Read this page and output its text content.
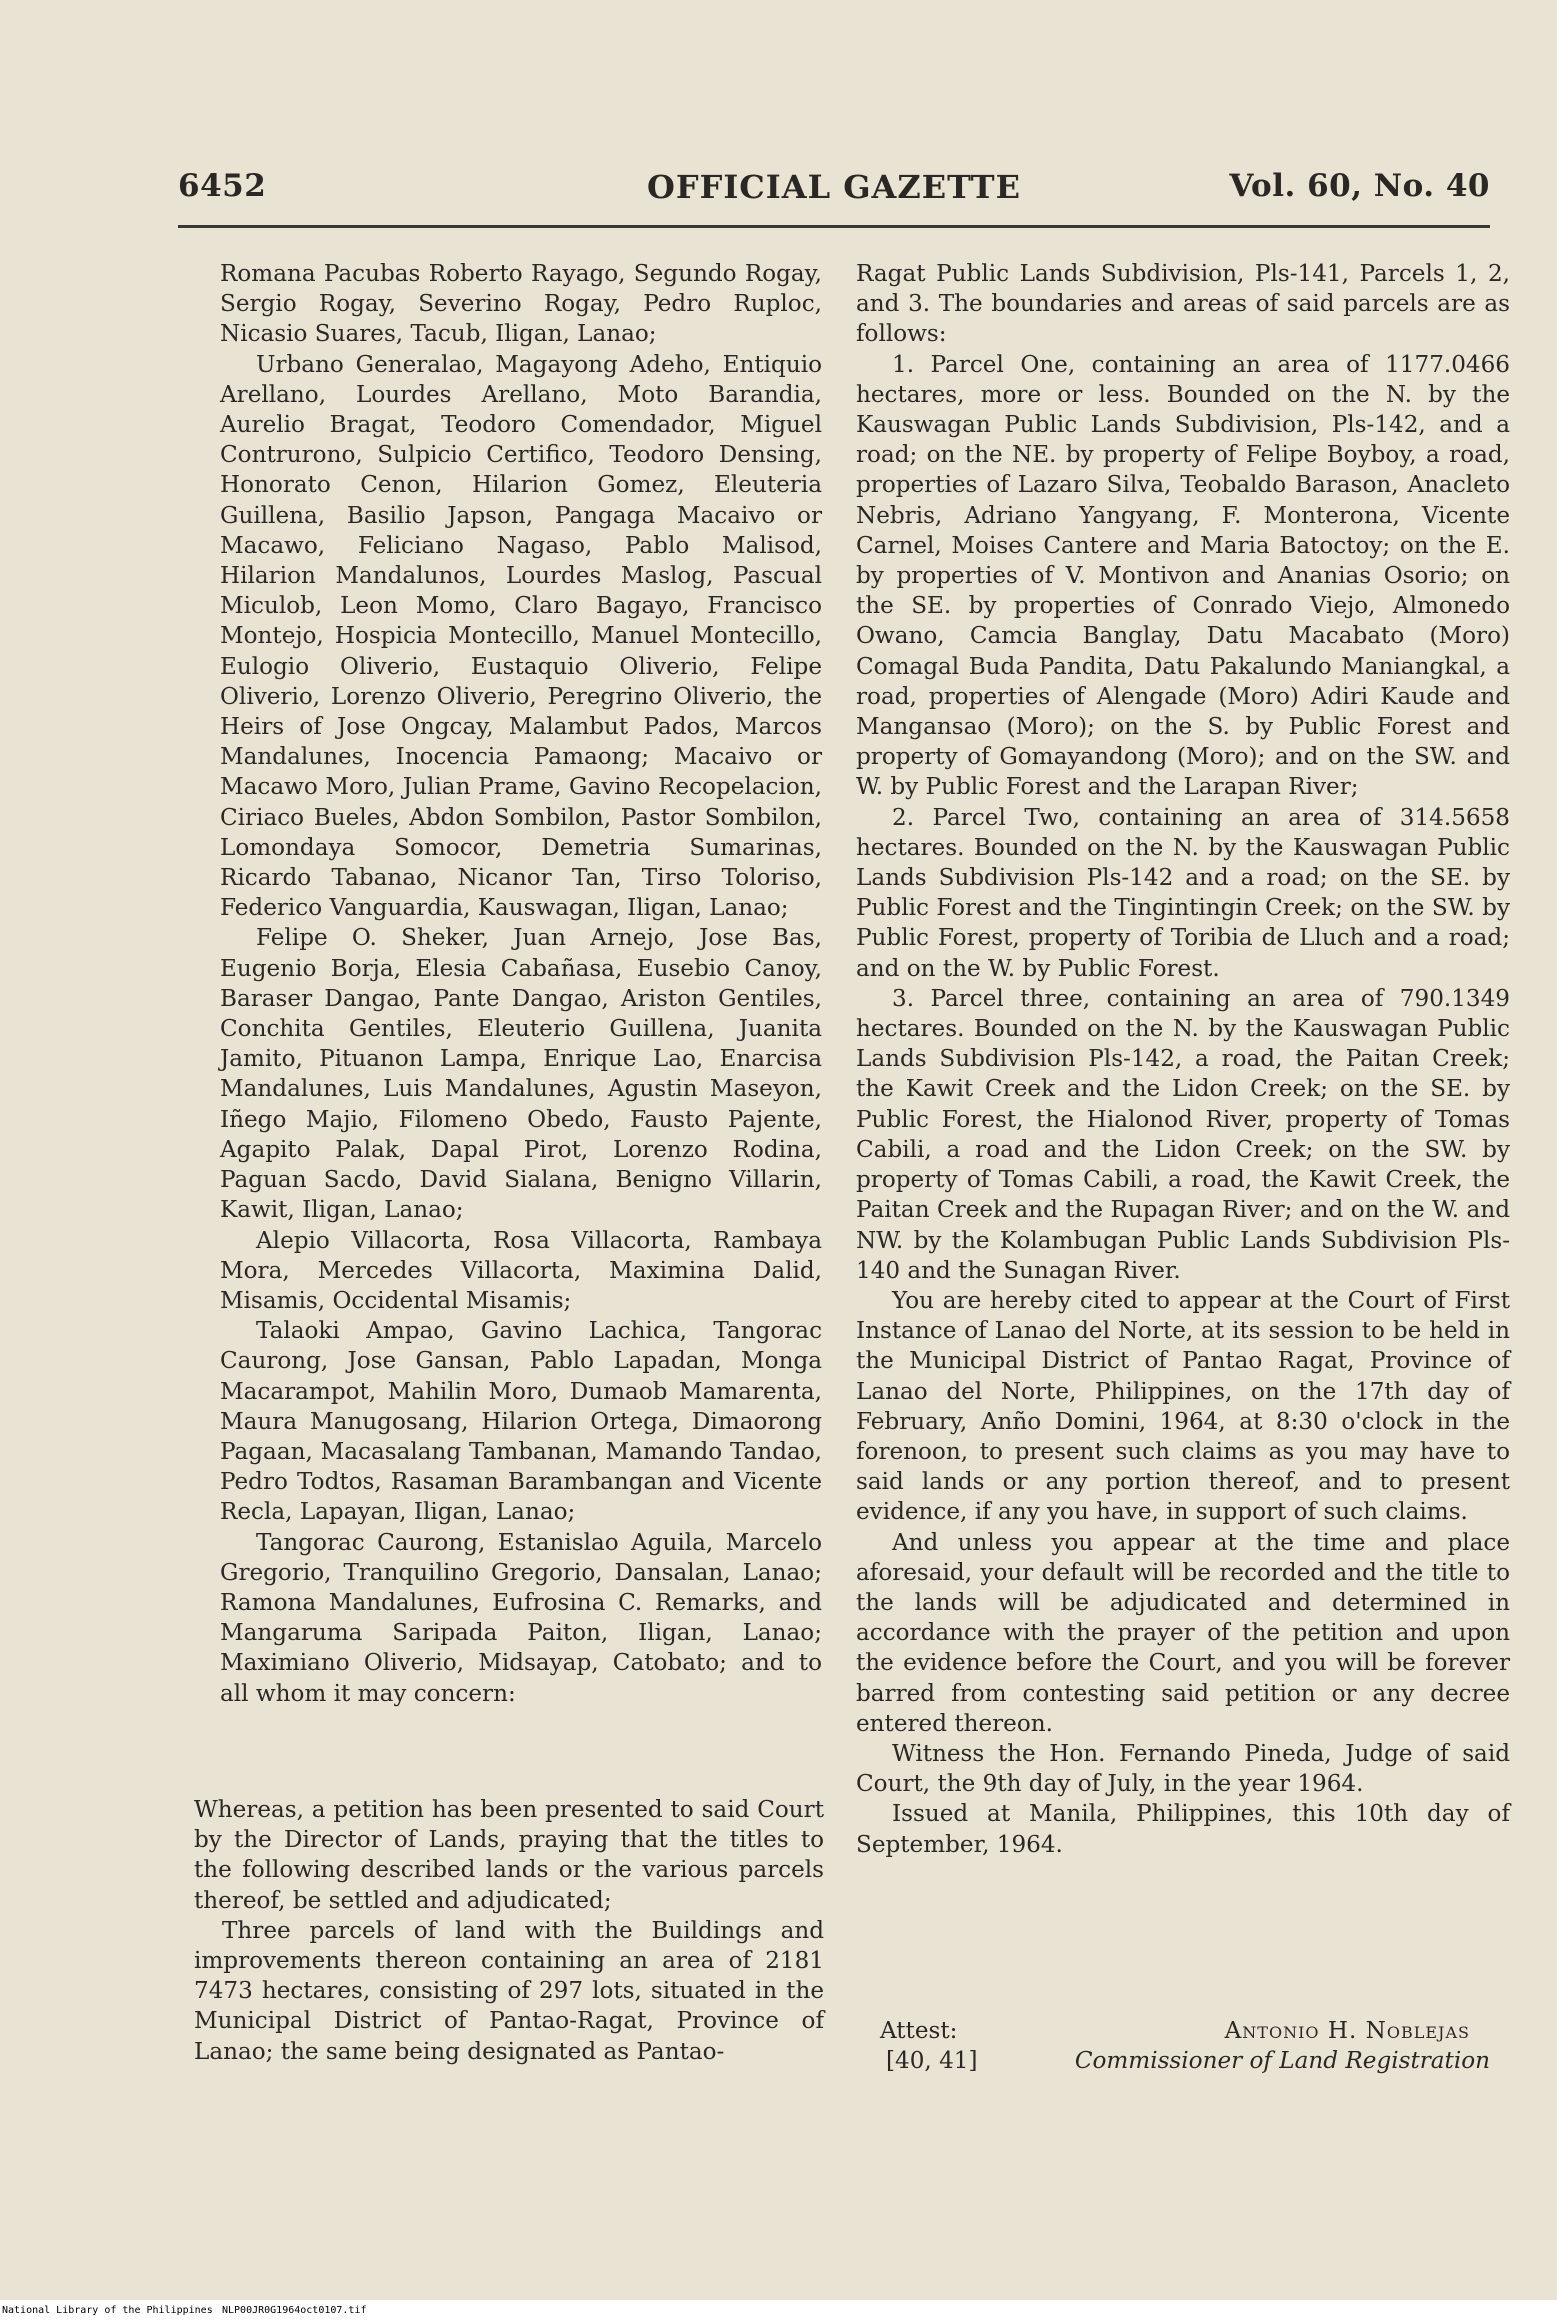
6452	OFFICIAL GAZETTE	Vol. 60, No. 40

Romana Pacubas Roberto Rayago, Segundo Rogay, Sergio Rogay, Severino Rogay, Pedro Ruploc, Nicasio Suares, Tacub, Iligan, Lanao;

Urbano Generalao, Magayong Adeho, Entiquio Arellano, Lourdes Arellano, Moto Barandia, Aurelio Bragat, Teodoro Comendador, Miguel Contrurono, Sulpicio Certifico, Teodoro Densing, Honorato Cenon, Hilarion Gomez, Eleuteria Guillena, Basilio Japson, Pangaga Macaivo or Macawo, Feliciano Nagaso, Pablo Malisod, Hilarion Mandalunos, Lourdes Maslog, Pascual Miculob, Leon Momo, Claro Bagayo, Francisco Montejo, Hospicia Montecillo, Manuel Montecillo, Eulogio Oliverio, Eustaquio Oliverio, Felipe Oliverio, Lorenzo Oliverio, Peregrino Oliverio, the Heirs of Jose Ongcay, Malambut Pados, Marcos Mandalunes, Inocencia Pamaong; Macaivo or Macawo Moro, Julian Prame, Gavino Recopelacion, Ciriaco Bueles, Abdon Sombilon, Pastor Sombilon, Lomondaya Somocor, Demetria Sumarinas, Ricardo Tabanao, Nicanor Tan, Tirso Toloriso, Federico Vanguardia, Kauswagan, Iligan, Lanao;

Felipe O. Sheker, Juan Arnejo, Jose Bas, Eugenio Borja, Elesia Cabañasa, Eusebio Canoy, Baraser Dangao, Pante Dangao, Ariston Gentiles, Conchita Gentiles, Eleuterio Guillena, Juanita Jamito, Pituanon Lampa, Enrique Lao, Enarcisa Mandalunes, Luis Mandalunes, Agustin Maseyon, Iñego Majio, Filomeno Obedo, Fausto Pajente, Agapito Palak, Dapal Pirot, Lorenzo Rodina, Paguan Sacdo, David Sialana, Benigno Villarin, Kawit, Iligan, Lanao;

Alepio Villacorta, Rosa Villacorta, Rambaya Mora, Mercedes Villacorta, Maximina Dalid, Misamis, Occidental Misamis;

Talaoki Ampao, Gavino Lachica, Tangorac Caurong, Jose Gansan, Pablo Lapadan, Monga Macarampot, Mahilin Moro, Dumaob Mamarenta, Maura Manugosang, Hilarion Ortega, Dimaorong Pagaan, Macasalang Tambanan, Mamando Tandao, Pedro Todtos, Rasaman Barambangan and Vicente Recla, Lapayan, Iligan, Lanao;

Tangorac Caurong, Estanislao Aguila, Marcelo Gregorio, Tranquilino Gregorio, Dansalan, Lanao; Ramona Mandalunes, Eufrosina C. Remarks, and Mangaruma Saripada Paiton, Iligan, Lanao; Maximiano Oliverio, Midsayap, Catobato; and to all whom it may concern:

Whereas, a petition has been presented to said Court by the Director of Lands, praying that the titles to the following described lands or the various parcels thereof, be settled and adjudicated;

Three parcels of land with the Buildings and improvements thereon containing an area of 2181 7473 hectares, consisting of 297 lots, situated in the Municipal District of Pantao-Ragat, Province of Lanao; the same being designated as Pantao-

Ragat Public Lands Subdivision, Pls-141, Parcels 1, 2, and 3. The boundaries and areas of said parcels are as follows:

1. Parcel One, containing an area of 1177.0466 hectares, more or less. Bounded on the N. by the Kauswagan Public Lands Subdivision, Pls-142, and a road; on the NE. by property of Felipe Boyboy, a road, properties of Lazaro Silva, Teobaldo Barason, Anacleto Nebris, Adriano Yangyang, F. Monterona, Vicente Carnel, Moises Cantere and Maria Batoctoy; on the E. by properties of V. Montivon and Ananias Osorio; on the SE. by properties of Conrado Viejo, Almonedo Owano, Camcia Banglay, Datu Macabato (Moro) Comagal Buda Pandita, Datu Pakalundo Maniangkal, a road, properties of Alengade (Moro) Adiri Kaude and Mangansao (Moro); on the S. by Public Forest and property of Gomayandong (Moro); and on the SW. and W. by Public Forest and the Larapan River;

2. Parcel Two, containing an area of 314.5658 hectares. Bounded on the N. by the Kauswagan Public Lands Subdivision Pls-142 and a road; on the SE. by Public Forest and the Tingintingin Creek; on the SW. by Public Forest, property of Toribia de Lluch and a road; and on the W. by Public Forest.

3. Parcel three, containing an area of 790.1349 hectares. Bounded on the N. by the Kauswagan Public Lands Subdivision Pls-142, a road, the Paitan Creek; the Kawit Creek and the Lidon Creek; on the SE. by Public Forest, the Hialonod River, property of Tomas Cabili, a road and the Lidon Creek; on the SW. by property of Tomas Cabili, a road, the Kawit Creek, the Paitan Creek and the Rupagan River; and on the W. and NW. by the Kolambugan Public Lands Subdivision Pls-140 and the Sunagan River.

You are hereby cited to appear at the Court of First Instance of Lanao del Norte, at its session to be held in the Municipal District of Pantao Ragat, Province of Lanao del Norte, Philippines, on the 17th day of February, Anño Domini, 1964, at 8:30 o'clock in the forenoon, to present such claims as you may have to said lands or any portion thereof, and to present evidence, if any you have, in support of such claims.

And unless you appear at the time and place aforesaid, your default will be recorded and the title to the lands will be adjudicated and determined in accordance with the prayer of the petition and upon the evidence before the Court, and you will be forever barred from contesting said petition or any decree entered thereon.

Witness the Hon. Fernando Pineda, Judge of said Court, the 9th day of July, in the year 1964.

Issued at Manila, Philippines, this 10th day of September, 1964.

Attest:	Antonio H. Noblejas
[40, 41]	Commissioner of Land Registration
National Library of the Philippines NLP00JR0G1964oct0107.tif
